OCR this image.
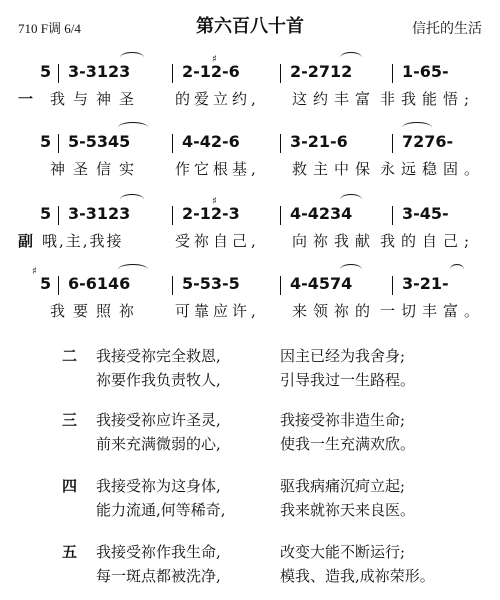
710 F调 6/4	第六百八十首	信托的生活
5 3-3123	2-12-6	2-2712	1-65-
♯
一 我与神圣 的爱立约, 这约丰富 非我能悟;
5 5-5345	4-42-6	3-21-6	7276-
神圣信实 作它根基, 救主中保 永远稳固。
5 3-3123	2-12-3	4-4234	3-45-
♯
副 哦,主,我接	受祢自己, 向祢我献 我的自己;
♯
5 6-6146	5-53-5	4-4574	3-21-
我要照祢 可靠应许, 来领祢的 一切丰富。
二 我接受祢完全救恩,	因主已经为我舍身;
祢要作我负责牧人,	引导我过一生路程。
三 我接受祢应许圣灵,	我接受祢非造生命;
前来充满微弱的心,	使我一生充满欢欣。
四 我接受祢为这身体,	驱我病痛沉疴立起;
能力流通,何等稀奇,	我来就祢天来良医。
五 我接受祢作我生命,	改变大能不断运行;
每一斑点都被洗净,	模我、造我,成祢荣形。
